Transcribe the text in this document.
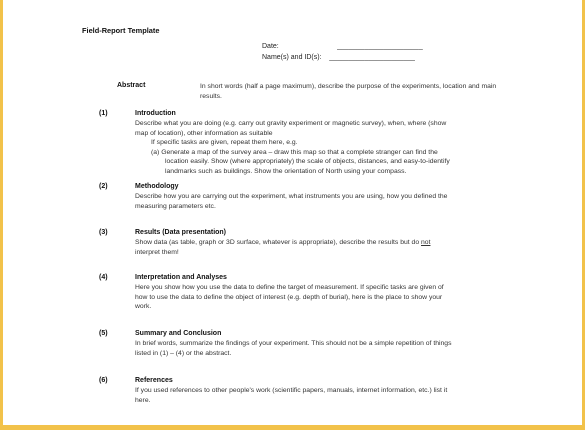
Field-Report Template
Date:                              ______________________
Name(s) and ID(s):    ______________________
Abstract	In short words (half a page maximum), describe the purpose of the experiments, location and main results.
(1)	Introduction
Describe what you are doing (e.g. carry out gravity experiment or magnetic survey), when, where (show
map of location), other information as suitable
If specific tasks are given, repeat them here, e.g.
(a) Generate a map of the survey area – draw this map so that a complete stranger can find the
location easily. Show (where appropriately) the scale of objects, distances, and easy-to-identify
landmarks such as buildings. Show the orientation of North using your compass.
(2)	Methodology
Describe how you are carrying out the experiment, what instruments you are using, how you defined the
measuring parameters etc.
(3)	Results (Data presentation)
Show data (as table, graph or 3D surface, whatever is appropriate), describe the results but do not
interpret them!
(4)	Interpretation and Analyses
Here you show how you use the data to define the target of measurement. If specific tasks are given of
how to use the data to define the object of interest (e.g. depth of burial), here is the place to show your
work.
(5)	Summary and Conclusion
In brief words, summarize the findings of your experiment. This should not be a simple repetition of things
listed in (1) – (4) or the abstract.
(6)	References
If you used references to other people's work (scientific papers, manuals, internet information, etc.) list it
here.
